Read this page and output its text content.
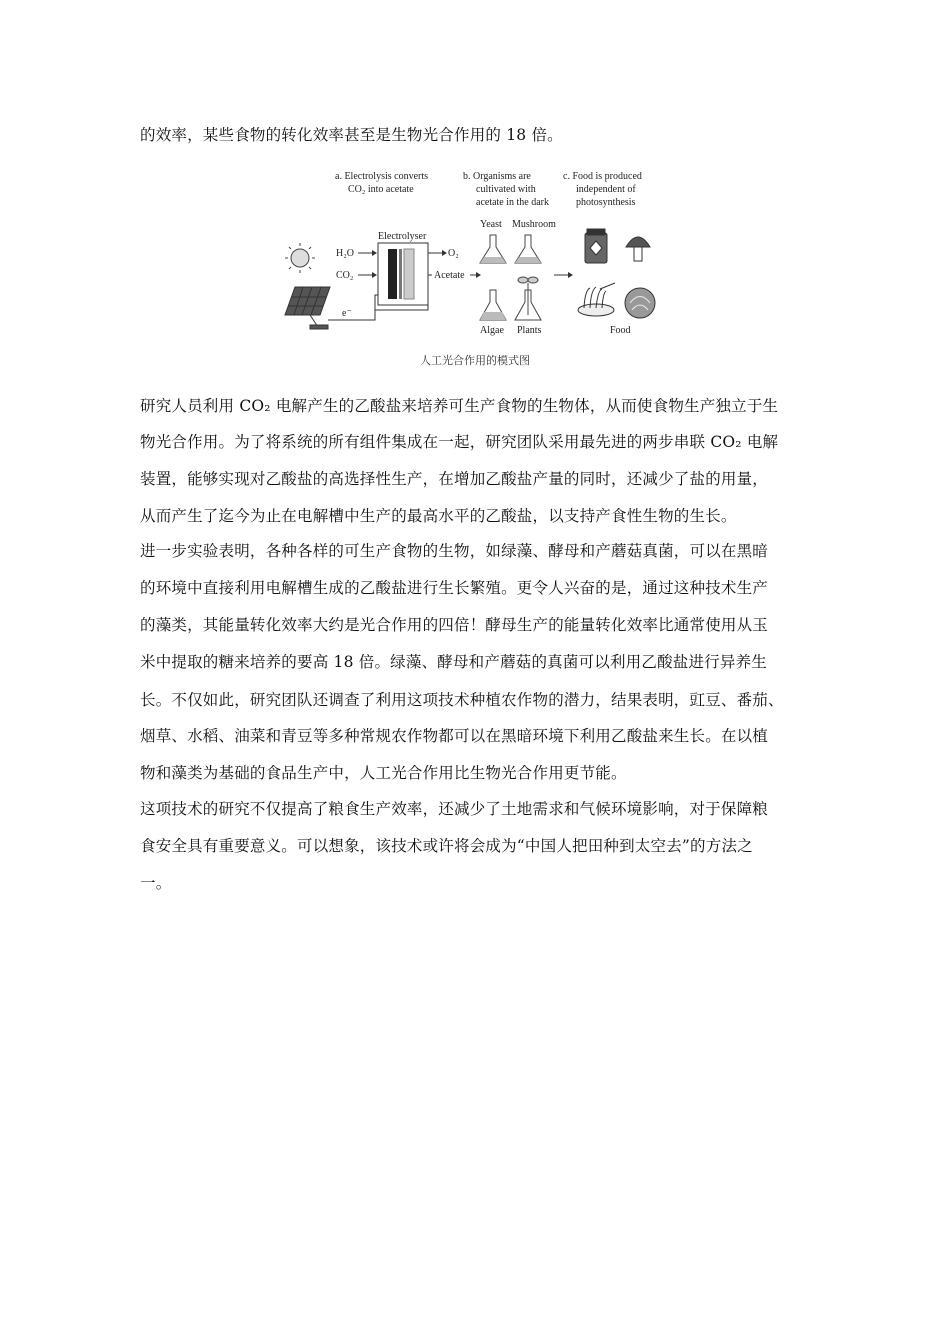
的效率，某些食物的转化效率甚至是生物光合作用的 18 倍。
a. Electrolysis converts
CO₂ into acetate
b. Organisms are
cultivated with
acetate in the dark
c. Food is produced
independent of
photosynthesis
H₂O
CO₂
Electrolyser
O₂
Acetate
e⁻
Yeast Mushroom
Algae Plants	Food
人工光合作用的模式图
研究人员利用 CO₂ 电解产生的乙酸盐来培养可生产食物的生物体，从而使食物生产独立于生
物光合作用。为了将系统的所有组件集成在一起，研究团队采用最先进的两步串联 CO₂ 电解
装置，能够实现对乙酸盐的高选择性生产，在增加乙酸盐产量的同时，还减少了盐的用量，
从而产生了迄今为止在电解槽中生产的最高水平的乙酸盐，以支持产食性生物的生长。
进一步实验表明，各种各样的可生产食物的生物，如绿藻、酵母和产蘑菇真菌，可以在黑暗
的环境中直接利用电解槽生成的乙酸盐进行生长繁殖。更令人兴奋的是，通过这种技术生产
的藻类，其能量转化效率大约是光合作用的四倍！酵母生产的能量转化效率比通常使用从玉
米中提取的糖来培养的要高 18 倍。绿藻、酵母和产蘑菇的真菌可以利用乙酸盐进行异养生
长。不仅如此，研究团队还调查了利用这项技术种植农作物的潜力，结果表明，豇豆、番茄、
烟草、水稻、油菜和青豆等多种常规农作物都可以在黑暗环境下利用乙酸盐来生长。在以植
物和藻类为基础的食品生产中，人工光合作用比生物光合作用更节能。
这项技术的研究不仅提高了粮食生产效率，还减少了土地需求和气候环境影响，对于保障粮
食安全具有重要意义。可以想象，该技术或许将会成为“中国人把田种到太空去”的方法之
一。
